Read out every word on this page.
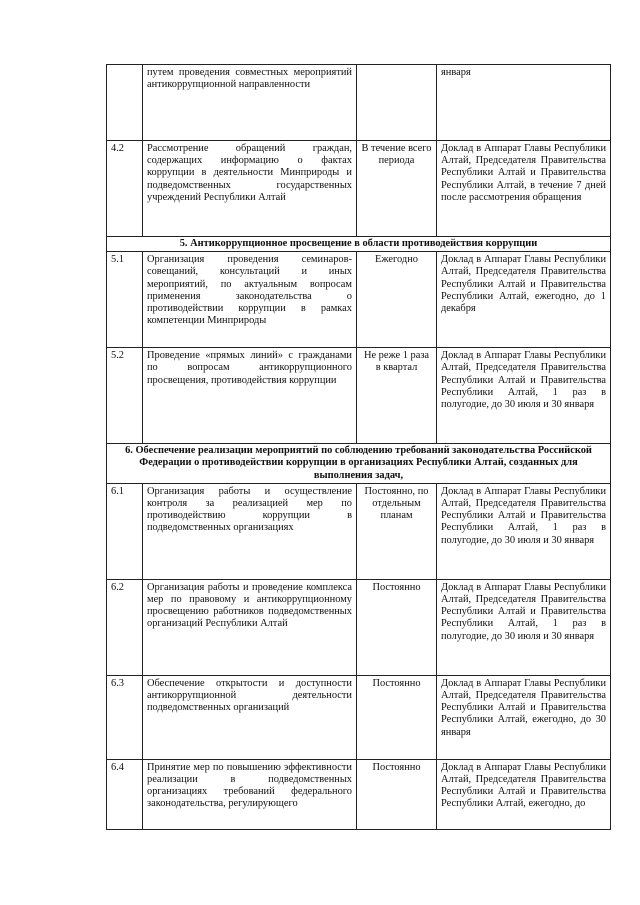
	путем проведения совместных мероприятий антикоррупционной направленности		января
4.2	Рассмотрение обращений граждан, содержащих информацию о фактах коррупции в деятельности Минприроды и подведомственных государственных учреждений Республики Алтай	В течение всего периода	Доклад в Аппарат Главы Республики Алтай, Председателя Правительства Республики Алтай и Правительства Республики Алтай, в течение 7 дней после рассмотрения обращения
5. Антикоррупционное просвещение в области противодействия коррупции			
5.1	Организация проведения семинаров-совещаний, консультаций и иных мероприятий, по актуальным вопросам применения законодательства о противодействии коррупции в рамках компетенции Минприроды	Ежегодно	Доклад в Аппарат Главы Республики Алтай, Председателя Правительства Республики Алтай и Правительства Республики Алтай, ежегодно, до 1 декабря
5.2	Проведение «прямых линий» с гражданами по вопросам антикоррупционного просвещения, противодействия коррупции	Не реже 1 раза в квартал	Доклад в Аппарат Главы Республики Алтай, Председателя Правительства Республики Алтай и Правительства Республики Алтай, 1 раз в полугодие, до 30 июля и 30 января
6. Обеспечение реализации мероприятий по соблюдению требований законодательства Российской Федерации о противодействии коррупции в организациях Республики Алтай, созданных для выполнения задач,			
6.1	Организация работы и осуществление контроля за реализацией мер по противодействию коррупции в подведомственных организациях	Постоянно, по отдельным планам	Доклад в Аппарат Главы Республики Алтай, Председателя Правительства Республики Алтай и Правительства Республики Алтай, 1 раз в полугодие, до 30 июля и 30 января
6.2	Организация работы и проведение комплекса мер по правовому и антикоррупционному просвещению работников подведомственных организаций Республики Алтай	Постоянно	Доклад в Аппарат Главы Республики Алтай, Председателя Правительства Республики Алтай и Правительства Республики Алтай, 1 раз в полугодие, до 30 июля и 30 января
6.3	Обеспечение открытости и доступности антикоррупционной деятельности подведомственных организаций	Постоянно	Доклад в Аппарат Главы Республики Алтай, Председателя Правительства Республики Алтай и Правительства Республики Алтай, ежегодно, до 30 января
6.4	Принятие мер по повышению эффективности реализации в подведомственных организациях требований федерального законодательства, регулирующего	Постоянно	Доклад в Аппарат Главы Республики Алтай, Председателя Правительства Республики Алтай и Правительства Республики Алтай, ежегодно, до
